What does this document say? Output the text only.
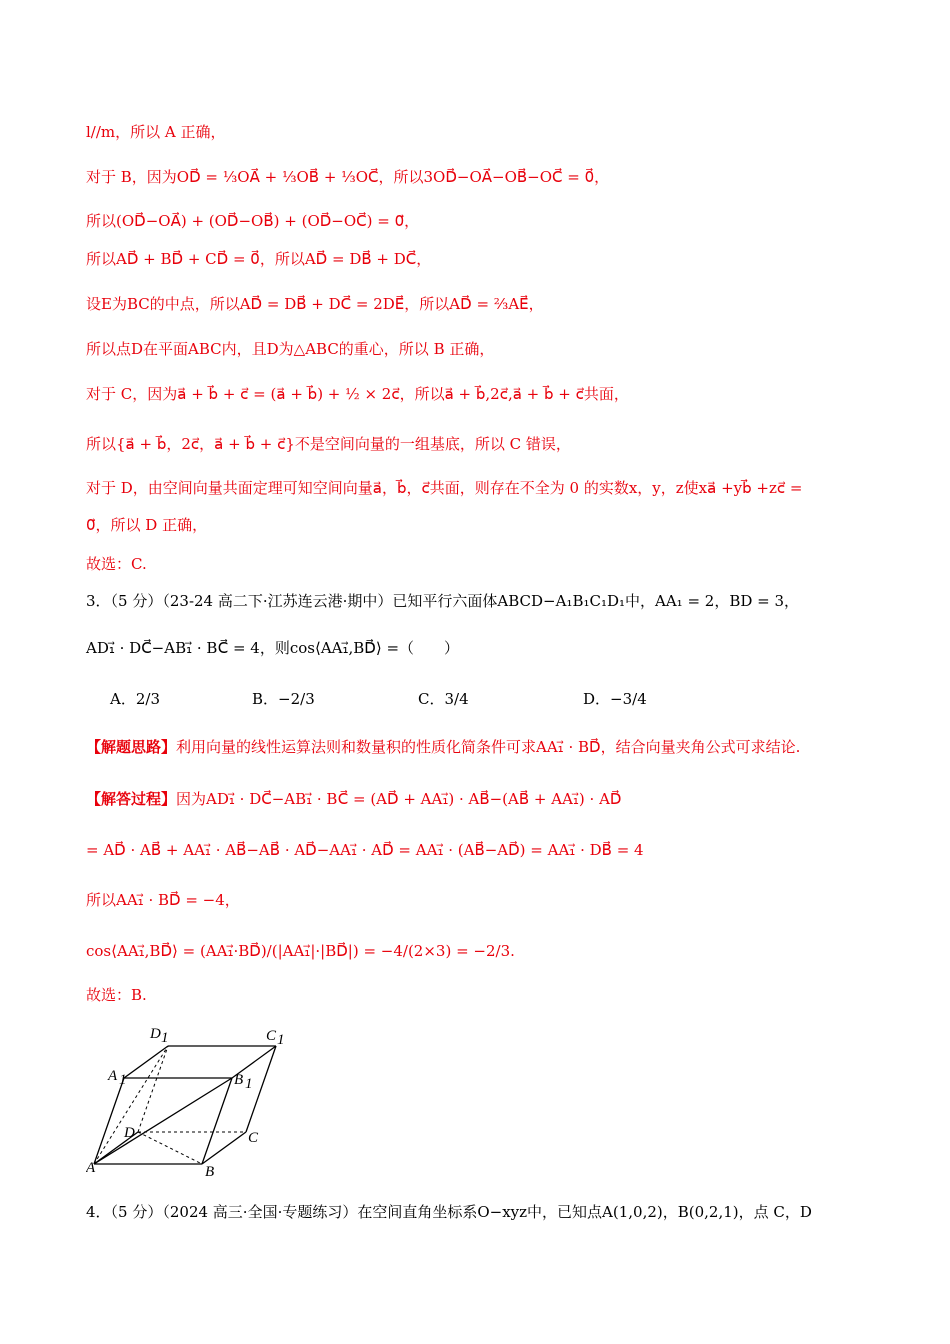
l//m，所以 A 正确，
对于 B，因为OD⃗ = ⅓OA⃗ + ⅓OB⃗ + ⅓OC⃗，所以3OD⃗−OA⃗−OB⃗−OC⃗ = 0⃗，
所以(OD⃗−OA⃗) + (OD⃗−OB⃗) + (OD⃗−OC⃗) = 0⃗，
所以AD⃗ + BD⃗ + CD⃗ = 0⃗，所以AD⃗ = DB⃗ + DC⃗，
设E为BC的中点，所以AD⃗ = DB⃗ + DC⃗ = 2DE⃗，所以AD⃗ = ⅔AE⃗，
所以点D在平面ABC内，且D为△ABC的重心，所以 B 正确，
对于 C，因为a⃗ + b⃗ + c⃗ = (a⃗ + b⃗) + ½ × 2c⃗，所以a⃗ + b⃗,2c⃗,a⃗ + b⃗ + c⃗共面，
所以{a⃗ + b⃗，2c⃗，a⃗ + b⃗ + c⃗}不是空间向量的一组基底，所以 C 错误，
对于 D，由空间向量共面定理可知空间向量a⃗，b⃗，c⃗共面，则存在不全为 0 的实数x，y，z使xa⃗ +yb⃗ +zc⃗ =
0⃗，所以 D 正确，
故选：C.
3．（5 分）（23-24 高二下·江苏连云港·期中）已知平行六面体ABCD−A₁B₁C₁D₁中，AA₁ = 2，BD = 3，
AD₁⃗ · DC⃗−AB₁⃗ · BC⃗ = 4，则cos⟨AA₁⃗,BD⃗⟩ =（　　）
A．2/3	B．−2/3	C．3/4	D．−3/4
【解题思路】利用向量的线性运算法则和数量积的性质化简条件可求AA₁⃗ · BD⃗，结合向量夹角公式可求结论.
【解答过程】因为AD₁⃗ · DC⃗−AB₁⃗ · BC⃗ = (AD⃗ + AA₁⃗) · AB⃗−(AB⃗ + AA₁⃗) · AD⃗
= AD⃗ · AB⃗ + AA₁⃗ · AB⃗−AB⃗ · AD⃗−AA₁⃗ · AD⃗ = AA₁⃗ · (AB⃗−AD⃗) = AA₁⃗ · DB⃗ = 4
所以AA₁⃗ · BD⃗ = −4，
cos⟨AA₁⃗,BD⃗⟩ = (AA₁⃗·BD⃗)/(|AA₁⃗|·|BD⃗|) = −4/(2×3) = −2/3.
故选：B.
A	B
C
D
A 1	B 1
C 1
D 1
4．（5 分）（2024 高三·全国·专题练习）在空间直角坐标系O−xyz中，已知点A(1,0,2)，B(0,2,1)，点 C，D
